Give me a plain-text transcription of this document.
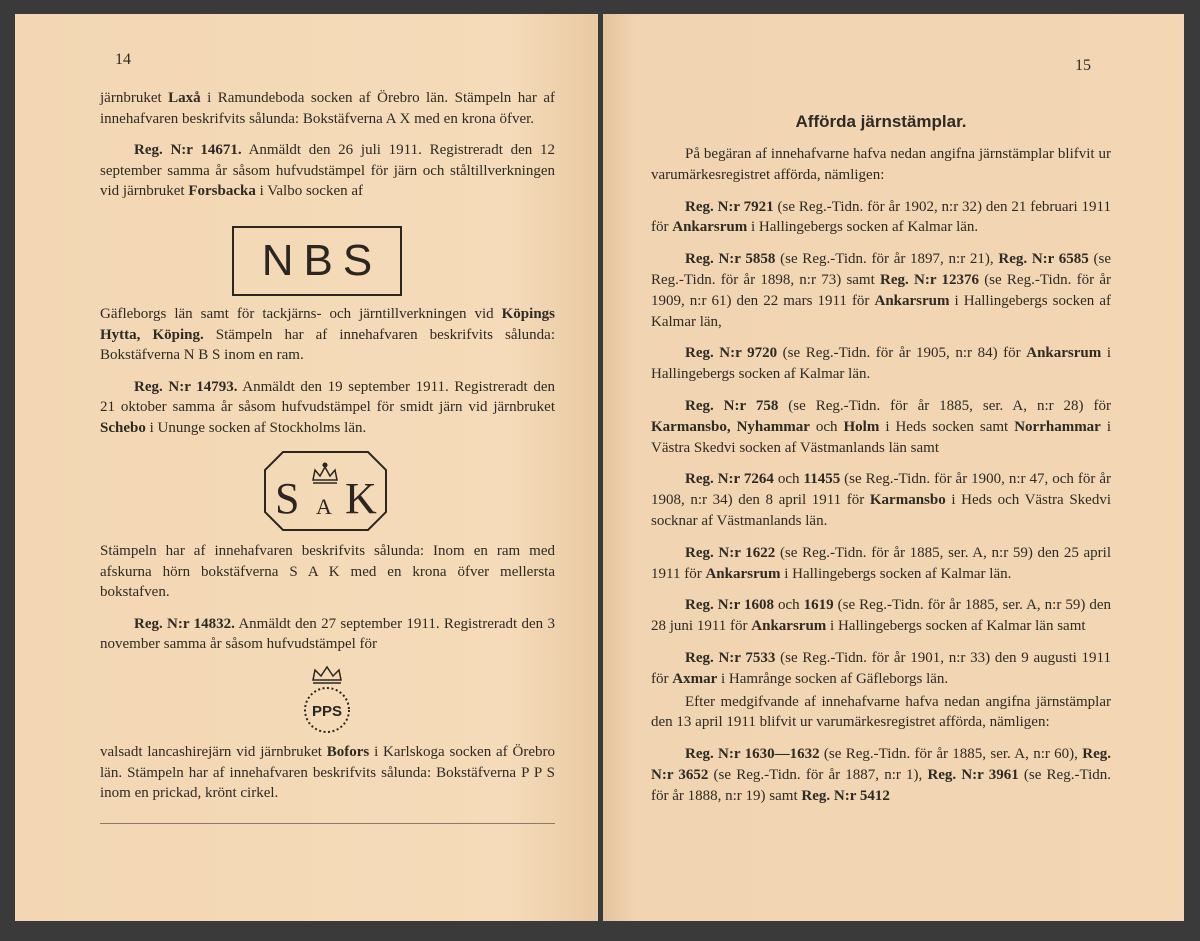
14

järnbruket Laxå i Ramundeboda socken af Örebro län. Stämpeln har af innehafvaren beskrifvits sålunda: Bokstäfverna A X med en krona öfver.

Reg. N:r 14671. Anmäldt den 26 juli 1911. Registreradt den 12 september samma år såsom hufvudstämpel för järn och ståltillverkningen vid järnbruket Forsbacka i Valbo socken af

NBS

Gäfleborgs län samt för tackjärns- och järntillverkningen vid Köpings Hytta, Köping. Stämpeln har af innehafvaren beskrifvits sålunda: Bokstäfverna N B S inom en ram.

Reg. N:r 14793. Anmäldt den 19 september 1911. Registreradt den 21 oktober samma år såsom hufvudstämpel för smidt järn vid järnbruket Schebo i Ununge socken af Stockholms län.

S A K

Stämpeln har af innehafvaren beskrifvits sålunda: Inom en ram med afskurna hörn bokstäfverna S A K med en krona öfver mellersta bokstafven.

Reg. N:r 14832. Anmäldt den 27 september 1911. Registreradt den 3 november samma år såsom hufvudstämpel för

PPS

valsadt lancashirejärn vid järnbruket Bofors i Karlskoga socken af Örebro län. Stämpeln har af innehafvaren beskrifvits sålunda: Bokstäfverna P P S inom en prickad, krönt cirkel.

15
Afförda järnstämplar.

På begäran af innehafvarne hafva nedan angifna järnstämplar blifvit ur varumärkesregistret afförda, nämligen:

Reg. N:r 7921 (se Reg.-Tidn. för år 1902, n:r 32) den 21 februari 1911 för Ankarsrum i Hallingebergs socken af Kalmar län.

Reg. N:r 5858 (se Reg.-Tidn. för år 1897, n:r 21), Reg. N:r 6585 (se Reg.-Tidn. för år 1898, n:r 73) samt Reg. N:r 12376 (se Reg.-Tidn. för år 1909, n:r 61) den 22 mars 1911 för Ankarsrum i Hallingebergs socken af Kalmar län,

Reg. N:r 9720 (se Reg.-Tidn. för år 1905, n:r 84) för Ankarsrum i Hallingebergs socken af Kalmar län.

Reg. N:r 758 (se Reg.-Tidn. för år 1885, ser. A, n:r 28) för Karmansbo, Nyhammar och Holm i Heds socken samt Norrhammar i Västra Skedvi socken af Västmanlands län samt

Reg. N:r 7264 och 11455 (se Reg.-Tidn. för år 1900, n:r 47, och för år 1908, n:r 34) den 8 april 1911 för Karmansbo i Heds och Västra Skedvi socknar af Västmanlands län.

Reg. N:r 1622 (se Reg.-Tidn. för år 1885, ser. A, n:r 59) den 25 april 1911 för Ankarsrum i Hallingebergs socken af Kalmar län.

Reg. N:r 1608 och 1619 (se Reg.-Tidn. för år 1885, ser. A, n:r 59) den 28 juni 1911 för Ankarsrum i Hallingebergs socken af Kalmar län samt

Reg. N:r 7533 (se Reg.-Tidn. för år 1901, n:r 33) den 9 augusti 1911 för Axmar i Hamrånge socken af Gäfleborgs län.

Efter medgifvande af innehafvarne hafva nedan angifna järnstämplar den 13 april 1911 blifvit ur varumärkesregistret afförda, nämligen:

Reg. N:r 1630—1632 (se Reg.-Tidn. för år 1885, ser. A, n:r 60), Reg. N:r 3652 (se Reg.-Tidn. för år 1887, n:r 1), Reg. N:r 3961 (se Reg.-Tidn. för år 1888, n:r 19) samt Reg. N:r 5412
